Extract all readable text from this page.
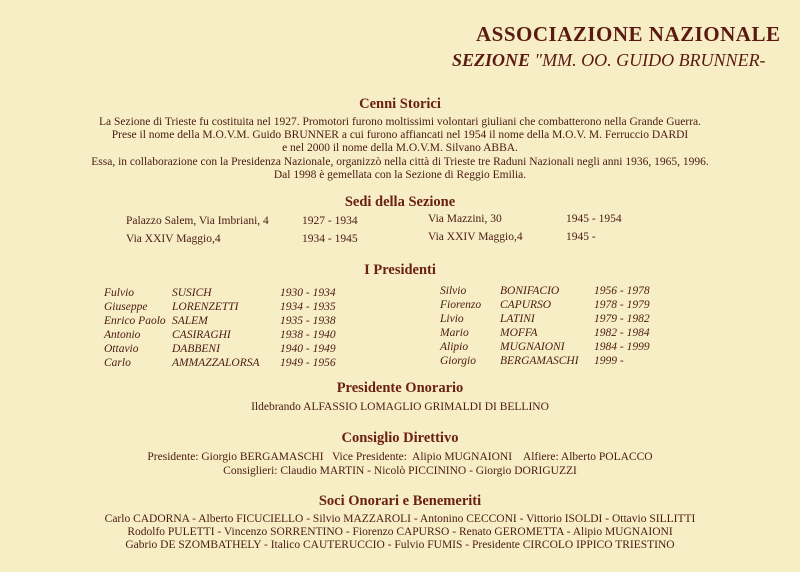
ASSOCIAZIONE NAZIONALE
SEZIONE "MM. OO. GUIDO BRUNNER-
Cenni Storici
La Sezione di Trieste fu costituita nel 1927. Promotori furono moltissimi volontari giuliani che combatterono nella Grande Guerra.
Prese il nome della M.O.V.M. Guido BRUNNER a cui furono affiancati nel 1954 il nome della M.O.V. M. Ferruccio DARDI
e nel 2000 il nome della M.O.V.M. Silvano ABBA.
Essa, in collaborazione con la Presidenza Nazionale, organizzò nella città di Trieste tre Raduni Nazionali negli anni 1936, 1965, 1996.
Dal 1998 è gemellata con la Sezione di Reggio Emilia.
Sedi della Sezione
Palazzo Salem, Via Imbriani, 4	1927 - 1934
Via XXIV Maggio,4	1934 - 1945
Via Mazzini, 30	1945 - 1954
Via XXIV Maggio,4	1945 -
I Presidenti
Fulvio	SUSICH	1930 - 1934
Giuseppe LORENZETTI	1934 - 1935
Enrico Paolo SALEM	1935 - 1938
Antonio	CASIRAGHI	1938 - 1940
Ottavio	DABBENI	1940 - 1949
Carlo	AMMAZZALORSA 1949 - 1956
Silvio	BONIFACIO	1956 - 1978
Fiorenzo CAPURSO	1978 - 1979
Livio	LATINI	1979 - 1982
Mario	MOFFA	1982 - 1984
Alipio	MUGNAIONI	1984 - 1999
Giorgio BERGAMASCHI 1999 -
Presidente Onorario
Ildebrando ALFASSIO LOMAGLIO GRIMALDI DI BELLINO
Consiglio Direttivo
Presidente: Giorgio BERGAMASCHI   Vice Presidente:  Alipio MUGNAIONI    Alfiere: Alberto POLACCO
Consiglieri: Claudio MARTIN - Nicolò PICCININO - Giorgio DORIGUZZI
Soci Onorari e Benemeriti
Carlo CADORNA - Alberto FICUCIELLO - Silvio MAZZAROLI - Antonino CECCONI - Vittorio ISOLDI - Ottavio SILLITTI
Rodolfo PULETTI - Vincenzo SORRENTINO - Fiorenzo CAPURSO - Renato GEROMETTA - Alipio MUGNAIONI
Gabrio DE SZOMBATHELY - Italico CAUTERUCCIO - Fulvio FUMIS - Presidente CIRCOLO IPPICO TRIESTINO
